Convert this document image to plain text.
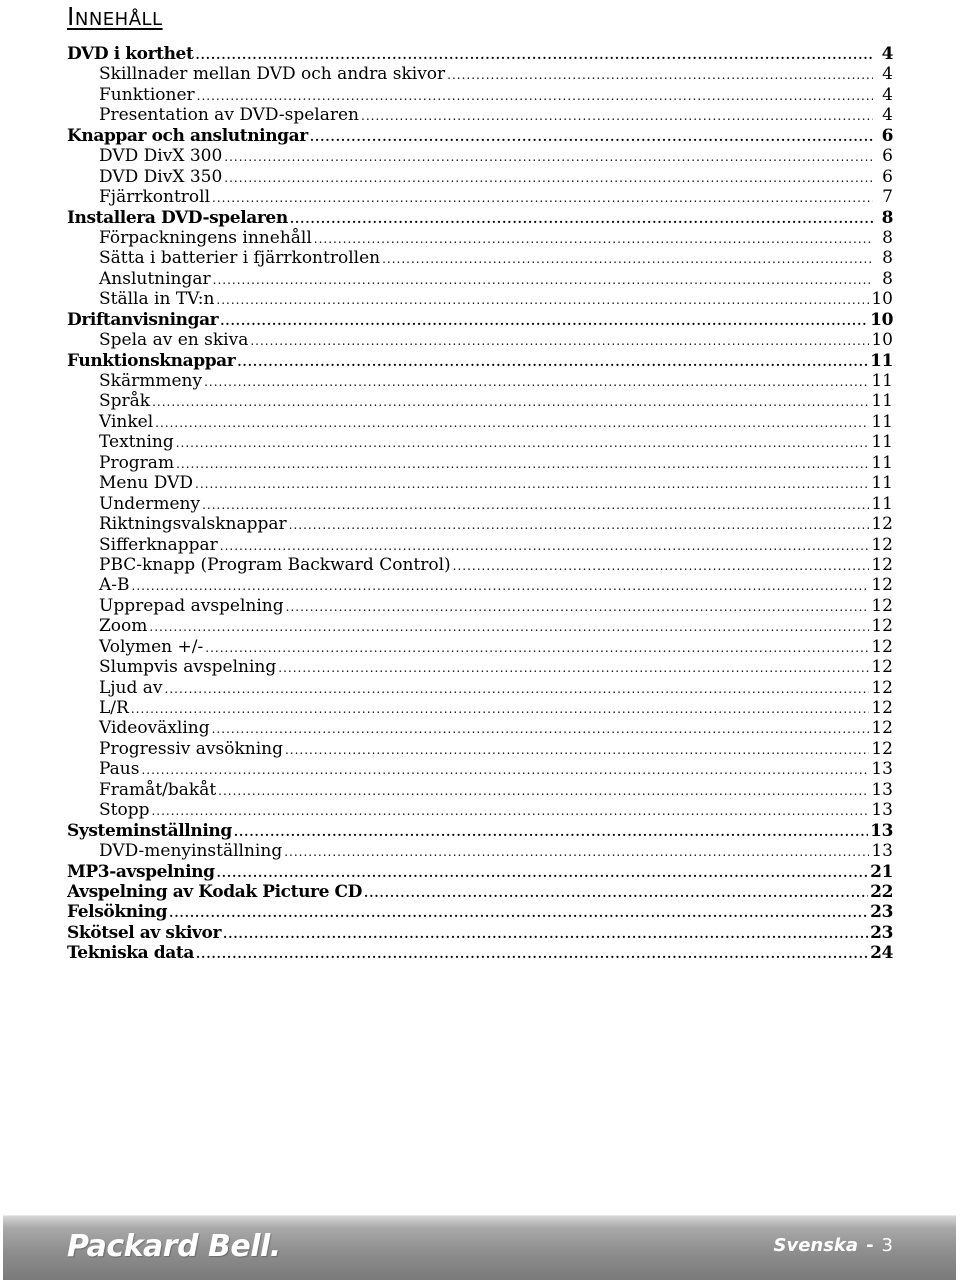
Innehåll
DVD i korthet .....	4
Skillnader mellan DVD och andra skivor .....	4
Funktioner .....	4
Presentation av DVD-spelaren .....	4
Knappar och anslutningar .....	6
DVD DivX 300 .....	6
DVD DivX 350 .....	6
Fjärrkontroll .....	7
Installera DVD-spelaren .....	8
Förpackningens innehåll .....	8
Sätta i batterier i fjärrkontrollen .....	8
Anslutningar .....	8
Ställa in TV:n .....	10
Driftanvisningar .....	10
Spela av en skiva .....	10
Funktionsknappar .....	11
Skärmmeny .....	11
Språk .....	11
Vinkel .....	11
Textning .....	11
Program .....	11
Menu DVD .....	11
Undermeny .....	11
Riktningsvalsknappar .....	12
Sifferknappar .....	12
PBC-knapp (Program Backward Control) .....	12
A-B .....	12
Upprepad avspelning .....	12
Zoom .....	12
Volymen +/- .....	12
Slumpvis avspelning .....	12
Ljud av .....	12
L/R .....	12
Videoväxling .....	12
Progressiv avsökning .....	12
Paus .....	13
Framåt/bakåt .....	13
Stopp .....	13
Systeminställning .....	13
DVD-menyinställning .....	13
MP3-avspelning .....	21
Avspelning av Kodak Picture CD .....	22
Felsökning .....	23
Skötsel av skivor .....	23
Tekniska data .....	24
Packard Bell.	Svenska - 3
